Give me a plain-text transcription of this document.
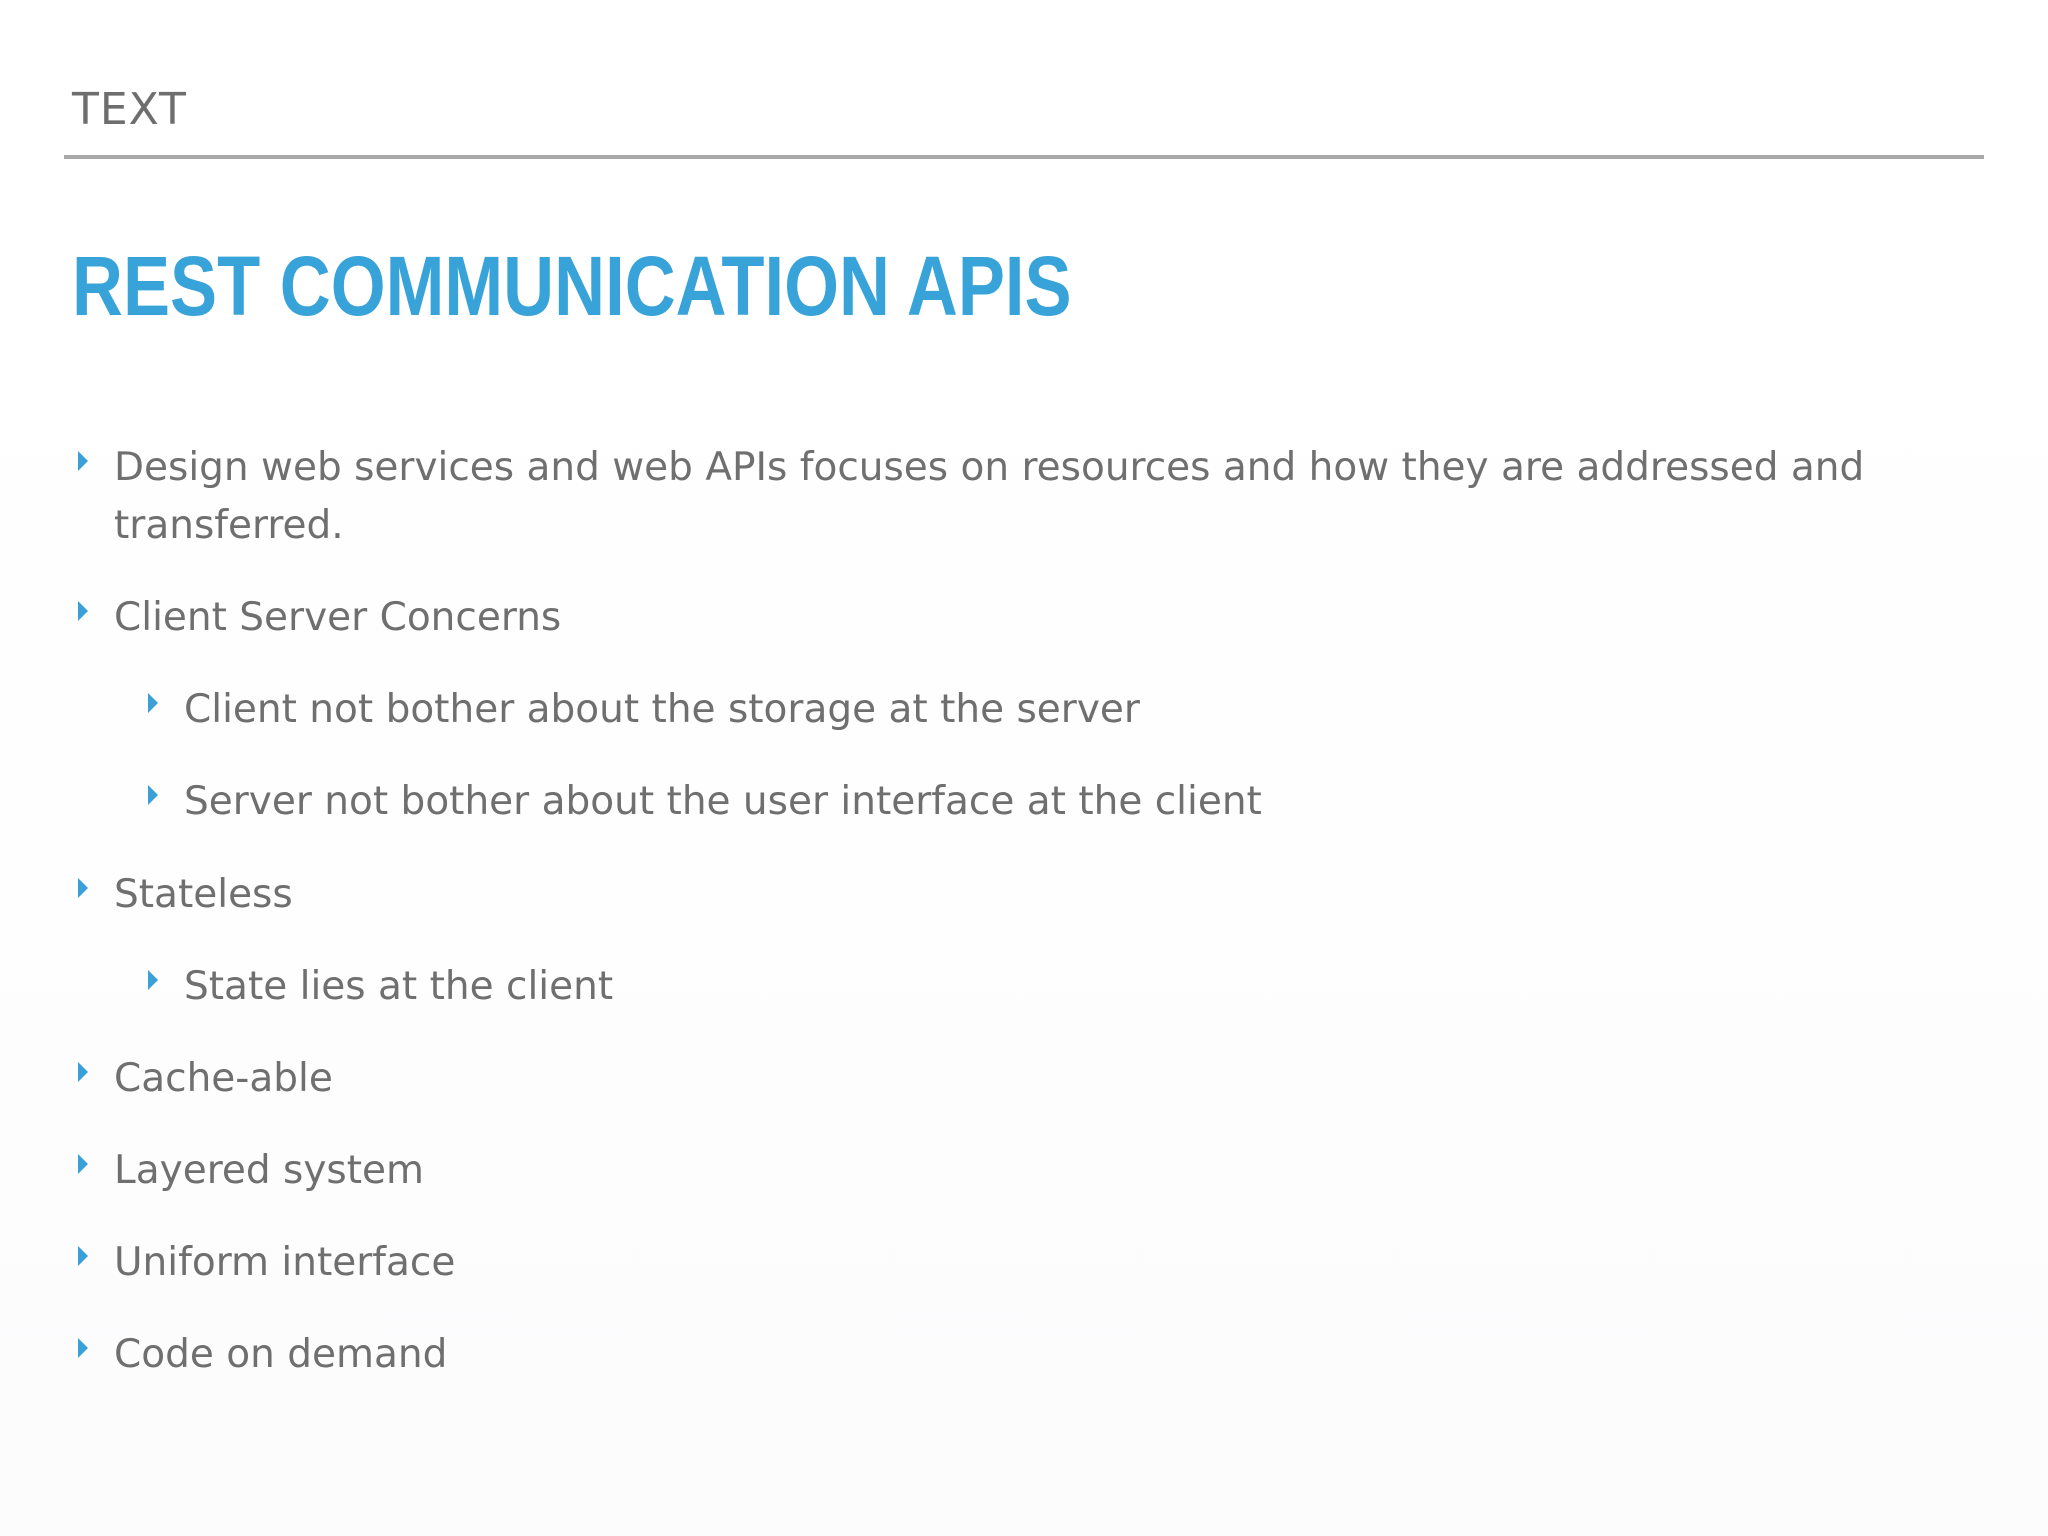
TEXT
REST COMMUNICATION APIS
Design web services and web APIs focuses on resources and how they are addressed and transferred.
Client Server Concerns
Client not bother about the storage at the server
Server not bother about the user interface at the client
Stateless
State lies at the client
Cache-able
Layered system
Uniform interface
Code on demand
